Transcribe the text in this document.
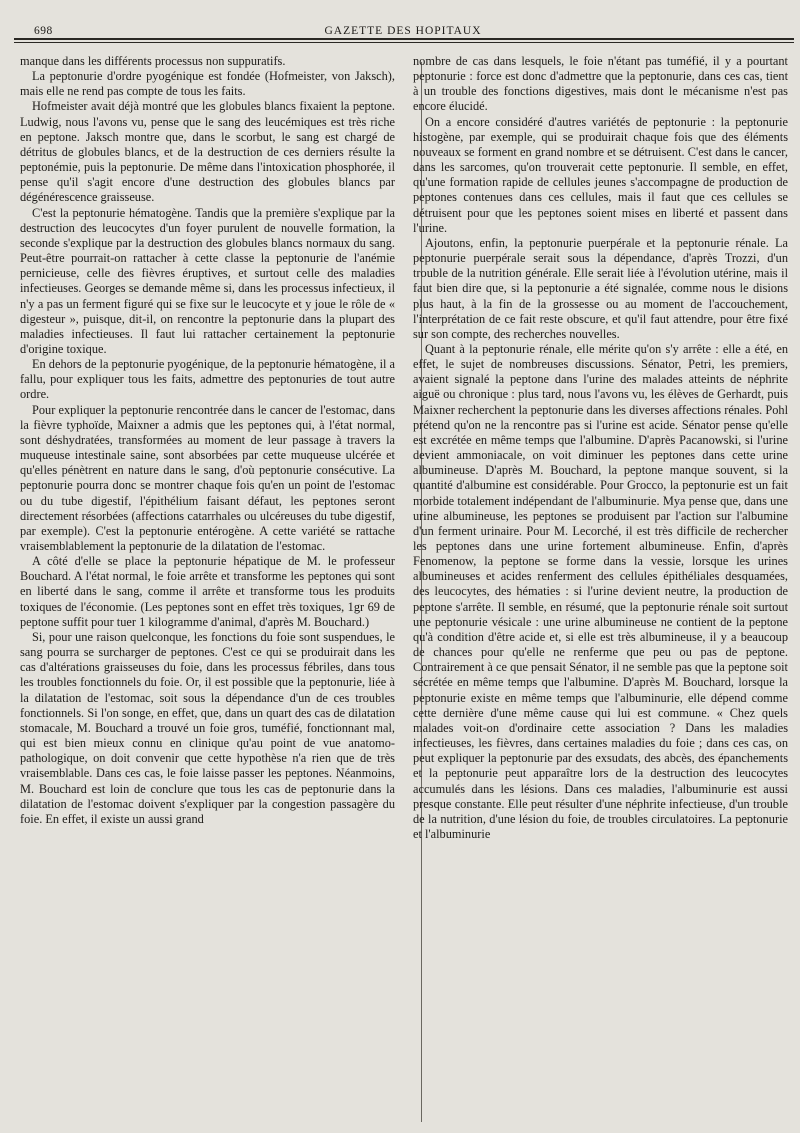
698	GAZETTE DES HOPITAUX

manque dans les différents processus non suppuratifs.

La peptonurie d'ordre pyogénique est fondée (Hofmeister, von Jaksch), mais elle ne rend pas compte de tous les faits.

Hofmeister avait déjà montré que les globules blancs fixaient la peptone. Ludwig, nous l'avons vu, pense que le sang des leucémiques est très riche en peptone. Jaksch montre que, dans le scorbut, le sang est chargé de détritus de globules blancs, et de la destruction de ces derniers résulte la peptonémie, puis la peptonurie. De même dans l'intoxication phosphorée, il pense qu'il s'agit encore d'une destruction des globules blancs par dégénérescence graisseuse.

C'est la peptonurie hématogène. Tandis que la première s'explique par la destruction des leucocytes d'un foyer purulent de nouvelle formation, la seconde s'explique par la destruction des globules blancs normaux du sang. Peut-être pourrait-on rattacher à cette classe la peptonurie de l'anémie pernicieuse, celle des fièvres éruptives, et surtout celle des maladies infectieuses. Georges se demande même si, dans les processus infectieux, il n'y a pas un ferment figuré qui se fixe sur le leucocyte et y joue le rôle de « digesteur », puisque, dit-il, on rencontre la peptonurie dans la plupart des maladies infectieuses. Il faut lui rattacher certainement la peptonurie d'origine toxique.

En dehors de la peptonurie pyogénique, de la peptonurie hématogène, il a fallu, pour expliquer tous les faits, admettre des peptonuries de tout autre ordre.

Pour expliquer la peptonurie rencontrée dans le cancer de l'estomac, dans la fièvre typhoïde, Maixner a admis que les peptones qui, à l'état normal, sont déshydratées, transformées au moment de leur passage à travers la muqueuse intestinale saine, sont absorbées par cette muqueuse ulcérée et qu'elles pénètrent en nature dans le sang, d'où peptonurie consécutive. La peptonurie pourra donc se montrer chaque fois qu'en un point de l'estomac ou du tube digestif, l'épithélium faisant défaut, les peptones seront directement résorbées (affections catarrhales ou ulcéreuses du tube digestif, par exemple). C'est la peptonurie entérogène. A cette variété se rattache vraisemblablement la peptonurie de la dilatation de l'estomac.

A côté d'elle se place la peptonurie hépatique de M. le professeur Bouchard. A l'état normal, le foie arrête et transforme les peptones qui sont en liberté dans le sang, comme il arrête et transforme tous les produits toxiques de l'économie. (Les peptones sont en effet très toxiques, 1gr 69 de peptone suffit pour tuer 1 kilogramme d'animal, d'après M. Bouchard.)

Si, pour une raison quelconque, les fonctions du foie sont suspendues, le sang pourra se surcharger de peptones. C'est ce qui se produirait dans les cas d'altérations graisseuses du foie, dans les processus fébriles, dans tous les troubles fonctionnels du foie. Or, il est possible que la peptonurie, liée à la dilatation de l'estomac, soit sous la dépendance d'un de ces troubles fonctionnels. Si l'on songe, en effet, que, dans un quart des cas de dilatation stomacale, M. Bouchard a trouvé un foie gros, tuméfié, fonctionnant mal, qui est bien mieux connu en clinique qu'au point de vue anatomo-pathologique, on doit convenir que cette hypothèse n'a rien que de très vraisemblable. Dans ces cas, le foie laisse passer les peptones. Néanmoins, M. Bouchard est loin de conclure que tous les cas de peptonurie dans la dilatation de l'estomac doivent s'expliquer par la congestion passagère du foie. En effet, il existe un aussi grand

nombre de cas dans lesquels, le foie n'étant pas tuméfié, il y a pourtant peptonurie : force est donc d'admettre que la peptonurie, dans ces cas, tient à un trouble des fonctions digestives, mais dont le mécanisme n'est pas encore élucidé.

On a encore considéré d'autres variétés de peptonurie : la peptonurie histogène, par exemple, qui se produirait chaque fois que des éléments nouveaux se forment en grand nombre et se détruisent. C'est dans le cancer, dans les sarcomes, qu'on trouverait cette peptonurie. Il semble, en effet, qu'une formation rapide de cellules jeunes s'accompagne de production de peptones contenues dans ces cellules, mais il faut que ces cellules se détruisent pour que les peptones soient mises en liberté et passent dans l'urine.

Ajoutons, enfin, la peptonurie puerpérale et la peptonurie rénale. La peptonurie puerpérale serait sous la dépendance, d'après Trozzi, d'un trouble de la nutrition générale. Elle serait liée à l'évolution utérine, mais il faut bien dire que, si la peptonurie a été signalée, comme nous le disions plus haut, à la fin de la grossesse ou au moment de l'accouchement, l'interprétation de ce fait reste obscure, et qu'il faut attendre, pour être fixé sur son compte, des recherches nouvelles.

Quant à la peptonurie rénale, elle mérite qu'on s'y arrête : elle a été, en effet, le sujet de nombreuses discussions. Sénator, Petri, les premiers, avaient signalé la peptone dans l'urine des malades atteints de néphrite aiguë ou chronique : plus tard, nous l'avons vu, les élèves de Gerhardt, puis Maixner recherchent la peptonurie dans les diverses affections rénales. Pohl prétend qu'on ne la rencontre pas si l'urine est acide. Sénator pense qu'elle est excrétée en même temps que l'albumine. D'après Pacanowski, si l'urine devient ammoniacale, on voit diminuer les peptones dans cette urine albumineuse. D'après M. Bouchard, la peptone manque souvent, si la quantité d'albumine est considérable. Pour Grocco, la peptonurie est un fait morbide totalement indépendant de l'albuminurie. Mya pense que, dans une urine albumineuse, les peptones se produisent par l'action sur l'albumine d'un ferment urinaire. Pour M. Lecorché, il est très difficile de rechercher les peptones dans une urine fortement albumineuse. Enfin, d'après Fenomenow, la peptone se forme dans la vessie, lorsque les urines albumineuses et acides renferment des cellules épithéliales desquamées, des leucocytes, des hématies : si l'urine devient neutre, la production de peptone s'arrête. Il semble, en résumé, que la peptonurie rénale soit surtout une peptonurie vésicale : une urine albumineuse ne contient de la peptone qu'à condition d'être acide et, si elle est très albumineuse, il y a beaucoup de chances pour qu'elle ne renferme que peu ou pas de peptone. Contrairement à ce que pensait Sénator, il ne semble pas que la peptone soit sécrétée en même temps que l'albumine. D'après M. Bouchard, lorsque la peptonurie existe en même temps que l'albuminurie, elle dépend comme cette dernière d'une même cause qui lui est commune. « Chez quels malades voit-on d'ordinaire cette association ? Dans les maladies infectieuses, les fièvres, dans certaines maladies du foie ; dans ces cas, on peut expliquer la peptonurie par des exsudats, des abcès, des épanchements et la peptonurie peut apparaître lors de la destruction des leucocytes accumulés dans les lésions. Dans ces maladies, l'albuminurie est aussi presque constante. Elle peut résulter d'une néphrite infectieuse, d'un trouble de la nutrition, d'une lésion du foie, de troubles circulatoires. La peptonurie et l'albuminurie
